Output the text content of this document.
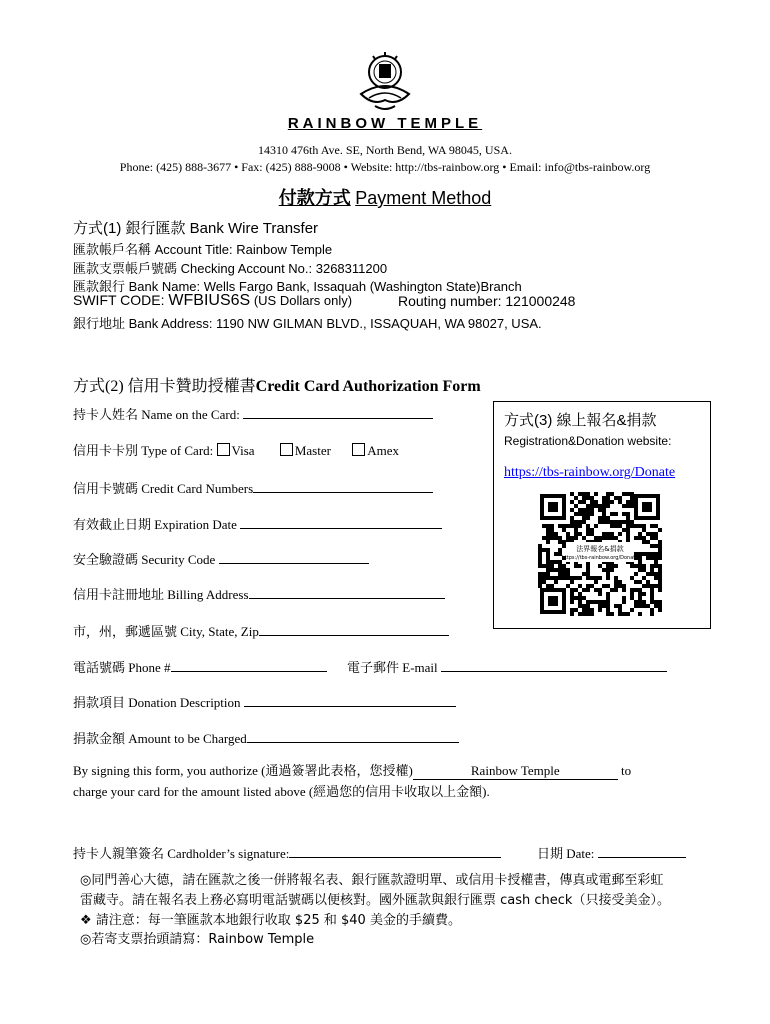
RAINBOW TEMPLE
14310 476th Ave. SE, North Bend, WA 98045, USA.
Phone: (425) 888-3677 • Fax: (425) 888-9008 • Website: http://tbs-rainbow.org • Email: info@tbs-rainbow.org
付款方式 Payment Method
方式(1) 銀行匯款 Bank Wire Transfer
匯款帳戶名稱 Account Title: Rainbow Temple
匯款支票帳戶號碼 Checking Account No.: 3268311200
匯款銀行 Bank Name: Wells Fargo Bank, Issaquah (Washington State)Branch
SWIFT CODE: WFBIUS6S (US Dollars only)	Routing number: 121000248
銀行地址 Bank Address: 1190 NW GILMAN BLVD., ISSAQUAH, WA 98027, USA.
方式(2) 信用卡贊助授權書Credit Card Authorization Form
持卡人姓名 Name on the Card:
信用卡卡別 Type of Card: Visa	Master	Amex
信用卡號碼 Credit Card Numbers
有效截止日期 Expiration Date
安全驗證碼 Security Code
信用卡註冊地址 Billing Address
市，州，郵遞區號 City, State, Zip
電話號碼 Phone #	電子郵件 E-mail
捐款項目 Donation Description
捐款金額 Amount to be Charged
By signing this form, you authorize (通過簽署此表格，您授權)	Rainbow Temple	to
charge your card for the amount listed above (經過您的信用卡收取以上金額).
持卡人親筆簽名 Cardholder’s signature:	日期 Date:
方式(3) 線上報名&捐款
Registration&Donation website:
https://tbs-rainbow.org/Donate
法界報名&捐款
https://tbs-rainbow.org/Donate
◎同門善心大德，請在匯款之後一併將報名表、銀行匯款證明單、或信用卡授權書，傳真或電郵至彩虹
雷藏寺。請在報名表上務必寫明電話號碼以便核對。國外匯款與銀行匯票 cash check（只接受美金）。
❖ 請注意：每一筆匯款本地銀行收取 $25 和 $40 美金的手續費。
◎若寄支票抬頭請寫：Rainbow Temple
